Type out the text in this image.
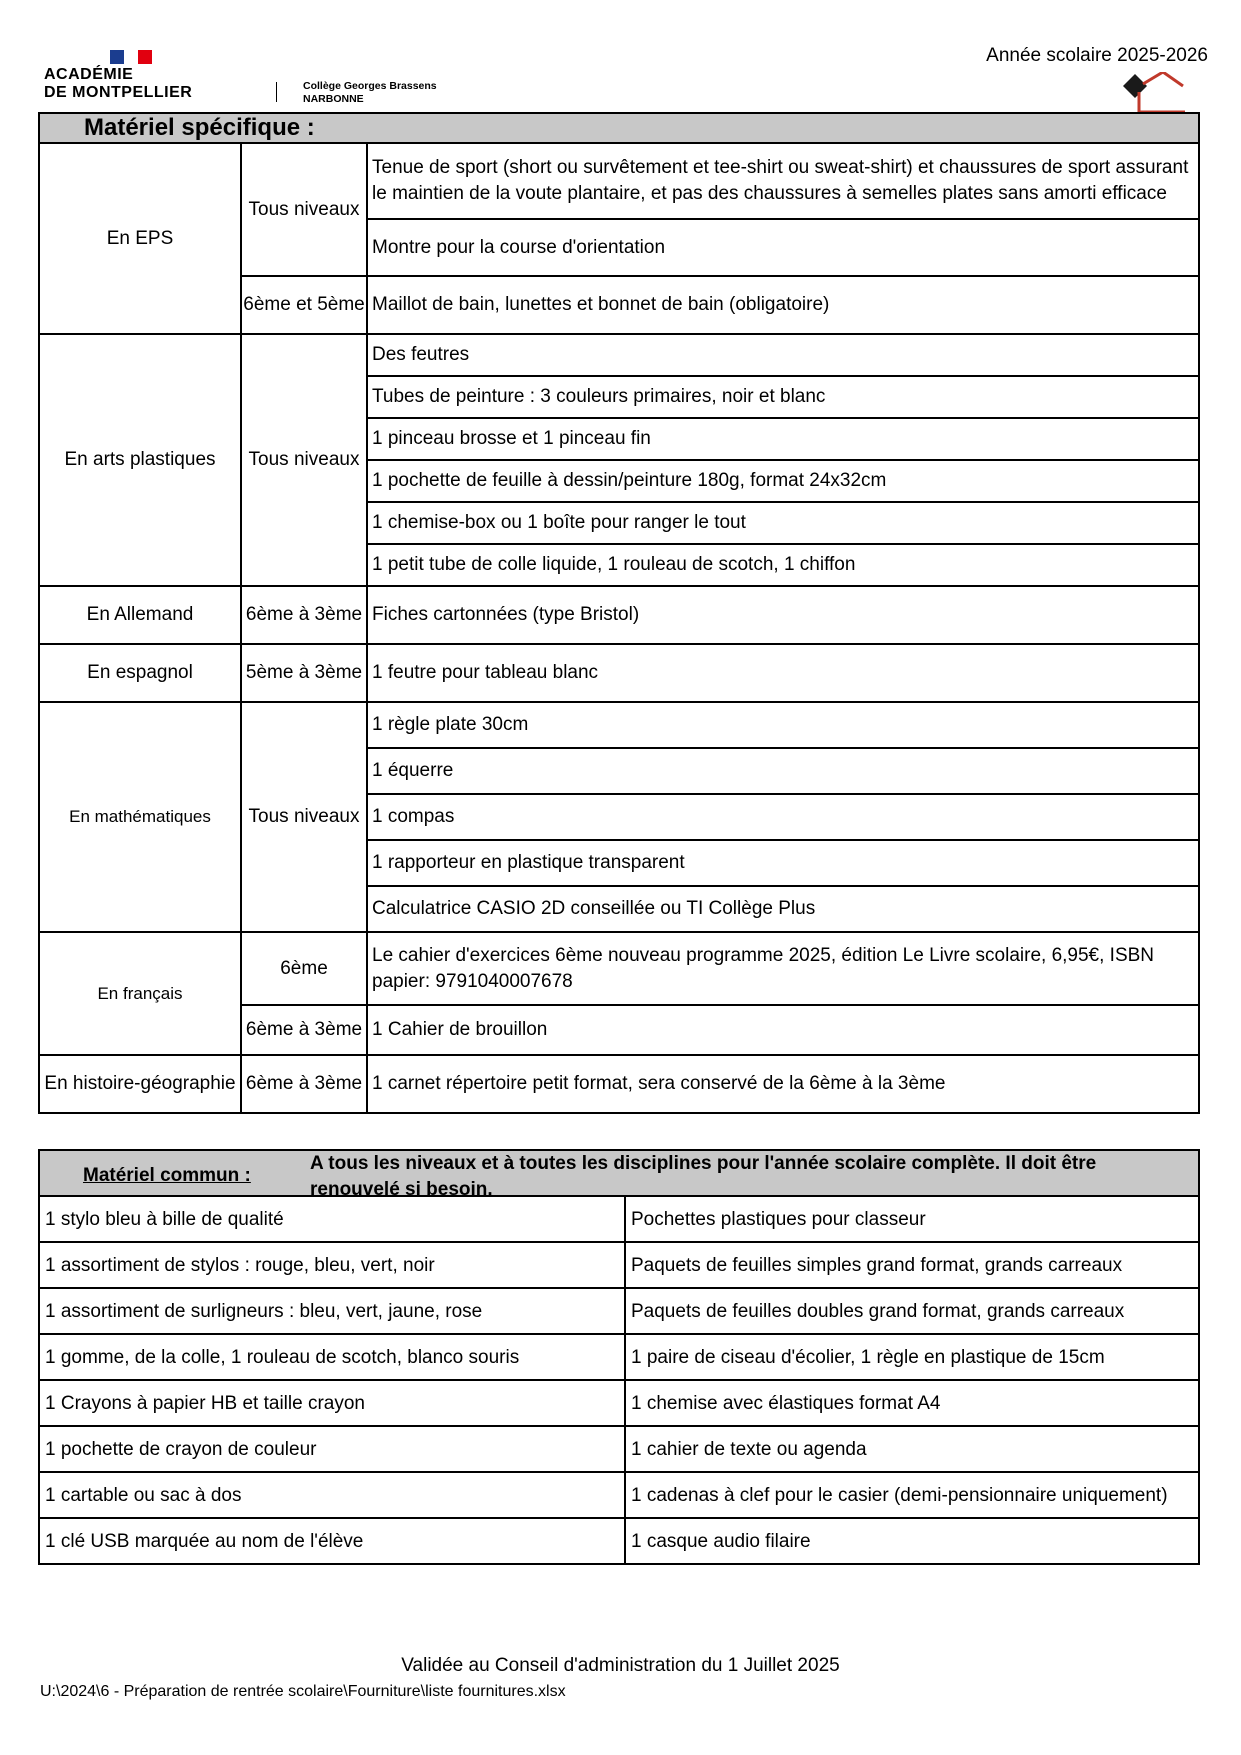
ACADÉMIE
DE MONTPELLIER	Collège Georges Brassens
NARBONNE
Année scolaire 2025-2026
Matériel spécifique :		
En EPS	Tous niveaux	Tenue de sport (short ou survêtement et tee-shirt ou sweat-shirt) et chaussures de sport assurant le maintien de la voute plantaire, et pas des chaussures à semelles plates sans amorti efficace
		Montre pour la course d'orientation
	6ème et 5ème	Maillot de bain, lunettes et bonnet de bain (obligatoire)
En arts plastiques	Tous niveaux	Des feutres
		Tubes de peinture : 3 couleurs primaires, noir et blanc
		1 pinceau brosse et 1 pinceau fin
		1 pochette de feuille à dessin/peinture 180g, format 24x32cm
		1 chemise-box ou 1 boîte pour ranger le tout
		1 petit tube de colle liquide, 1 rouleau de scotch, 1 chiffon
En Allemand	6ème à 3ème	Fiches cartonnées (type Bristol)
En espagnol	5ème à 3ème	1 feutre pour tableau blanc
En mathématiques	Tous niveaux	1 règle plate 30cm
		1 équerre
		1 compas
		1 rapporteur en plastique transparent
		Calculatrice CASIO 2D conseillée ou TI Collège Plus
En français	6ème	Le cahier d'exercices 6ème nouveau programme 2025, édition Le Livre scolaire, 6,95€, ISBN papier: 9791040007678
	6ème à 3ème	1 Cahier de brouillon
En histoire-géographie	6ème à 3ème	1 carnet répertoire petit format, sera conservé de la 6ème à la 3ème
Matériel commun :
A tous les niveaux et à toutes les disciplines pour l'année scolaire complète. Il doit être renouvelé si besoin.	

1 stylo bleu à bille de qualité	Pochettes plastiques pour classeur
1 assortiment de stylos : rouge, bleu, vert, noir	Paquets de feuilles simples grand format, grands carreaux
1 assortiment de surligneurs : bleu, vert, jaune, rose	Paquets de feuilles doubles grand format, grands carreaux
1 gomme, de la colle, 1 rouleau de scotch, blanco souris	1 paire de ciseau d'écolier, 1 règle en plastique de 15cm
1 Crayons à papier HB et taille crayon	1 chemise avec élastiques format A4
1 pochette de crayon de couleur	1 cahier de texte ou agenda
1 cartable ou sac à dos	1 cadenas à clef pour le casier (demi-pensionnaire uniquement)
1 clé USB marquée au nom de l'élève	1 casque audio filaire
Validée au Conseil d'administration du 1 Juillet 2025
U:\2024\6 - Préparation de rentrée scolaire\Fourniture\liste fournitures.xlsx
